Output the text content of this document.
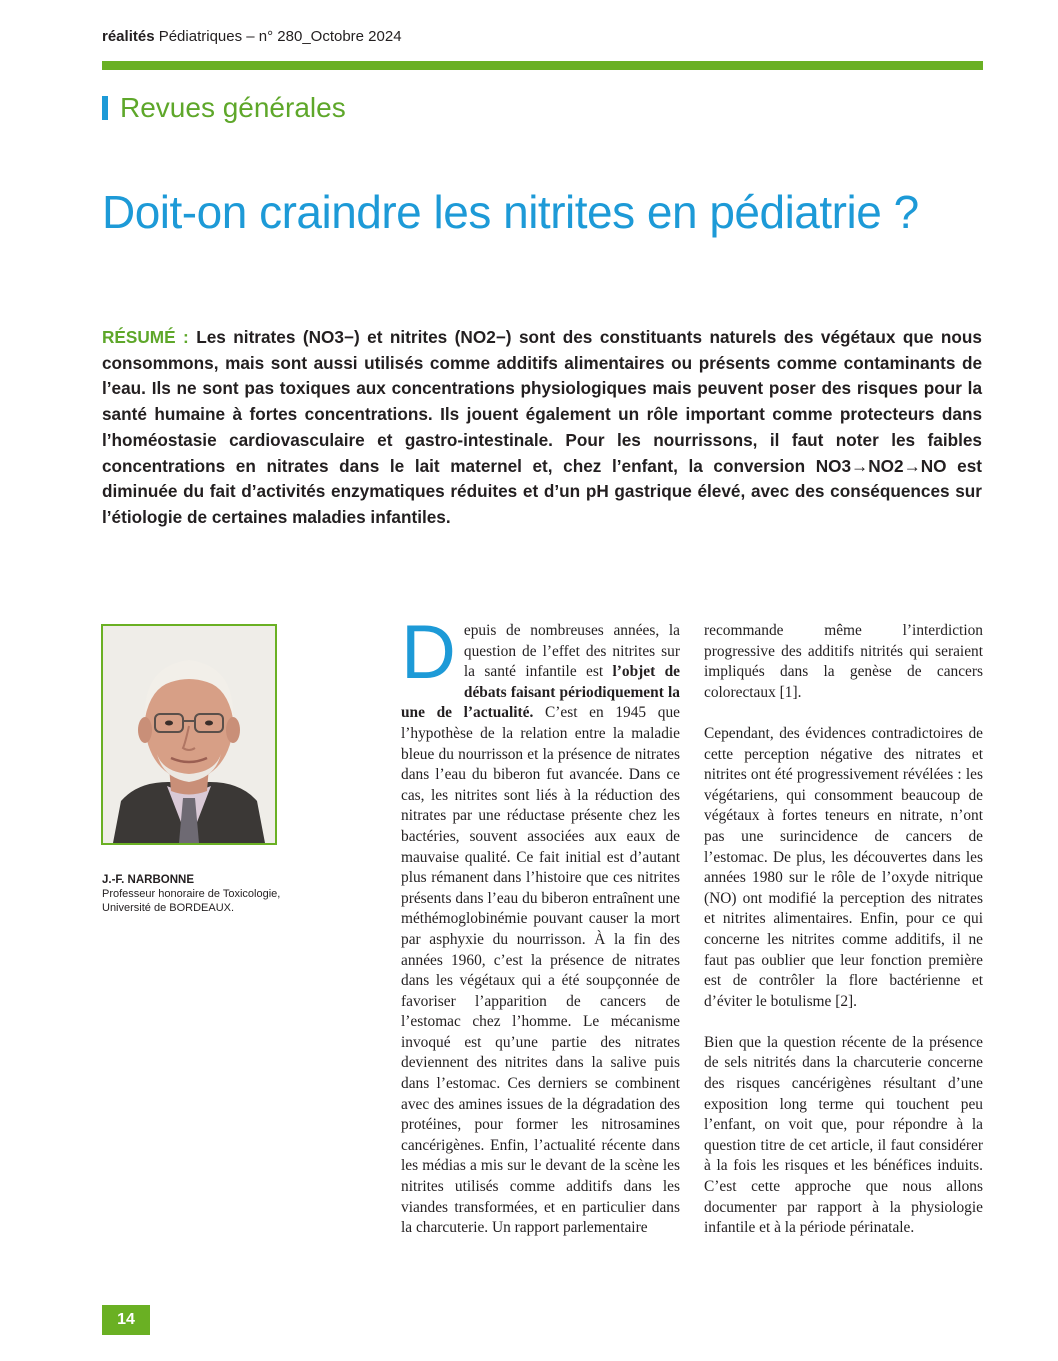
réalités Pédiatriques – n° 280_Octobre 2024
Revues générales
Doit-on craindre les nitrites en pédiatrie ?
RÉSUMÉ : Les nitrates (NO3−) et nitrites (NO2−) sont des constituants naturels des végétaux que nous consommons, mais sont aussi utilisés comme additifs alimentaires ou présents comme contaminants de l’eau. Ils ne sont pas toxiques aux concentrations physiologiques mais peuvent poser des risques pour la santé humaine à fortes concentrations. Ils jouent également un rôle important comme protecteurs dans l’homéostasie cardiovasculaire et gastro-intestinale. Pour les nourrissons, il faut noter les faibles concentrations en nitrates dans le lait maternel et, chez l’enfant, la conversion NO3→NO2→NO est diminuée du fait d’activités enzymatiques réduites et d’un pH gastrique élevé, avec des conséquences sur l’étiologie de certaines maladies infantiles.
J.-F. NARBONNE
Professeur honoraire de Toxicologie,
Université de BORDEAUX.

Depuis de nombreuses années, la question de l’effet des nitrites sur la santé infantile est l’objet de débats faisant périodiquement la une de l’actualité. C’est en 1945 que l’hypothèse de la relation entre la maladie bleue du nourrisson et la présence de nitrates dans l’eau du biberon fut avancée. Dans ce cas, les nitrites sont liés à la réduction des nitrates par une réductase présente chez les bactéries, souvent associées aux eaux de mauvaise qualité. Ce fait initial est d’autant plus rémanent dans l’histoire que ces nitrites présents dans l’eau du biberon entraînent une méthémoglobinémie pouvant causer la mort par asphyxie du nourrisson. À la fin des années 1960, c’est la présence de nitrates dans les végétaux qui a été soupçonnée de favoriser l’apparition de cancers de l’estomac chez l’homme. Le mécanisme invoqué est qu’une partie des nitrates deviennent des nitrites dans la salive puis dans l’estomac. Ces derniers se combinent avec des amines issues de la dégradation des protéines, pour former les nitrosamines cancérigènes. Enfin, l’actualité récente dans les médias a mis sur le devant de la scène les nitrites utilisés comme additifs dans les viandes transformées, et en particulier dans la charcuterie. Un rapport parlementaire

recommande même l’interdiction progressive des additifs nitrités qui seraient impliqués dans la genèse de cancers colorectaux [1].

Cependant, des évidences contradictoires de cette perception négative des nitrates et nitrites ont été progressivement révélées : les végétariens, qui consomment beaucoup de végétaux à fortes teneurs en nitrate, n’ont pas une surincidence de cancers de l’estomac. De plus, les découvertes dans les années 1980 sur le rôle de l’oxyde nitrique (NO) ont modifié la perception des nitrates et nitrites alimentaires. Enfin, pour ce qui concerne les nitrites comme additifs, il ne faut pas oublier que leur fonction première est de contrôler la flore bactérienne et d’éviter le botulisme [2].

Bien que la question récente de la présence de sels nitrités dans la charcuterie concerne des risques cancérigènes résultant d’une exposition long terme qui touchent peu l’enfant, on voit que, pour répondre à la question titre de cet article, il faut considérer à la fois les risques et les bénéfices induits. C’est cette approche que nous allons documenter par rapport à la physiologie infantile et à la période périnatale.

14
